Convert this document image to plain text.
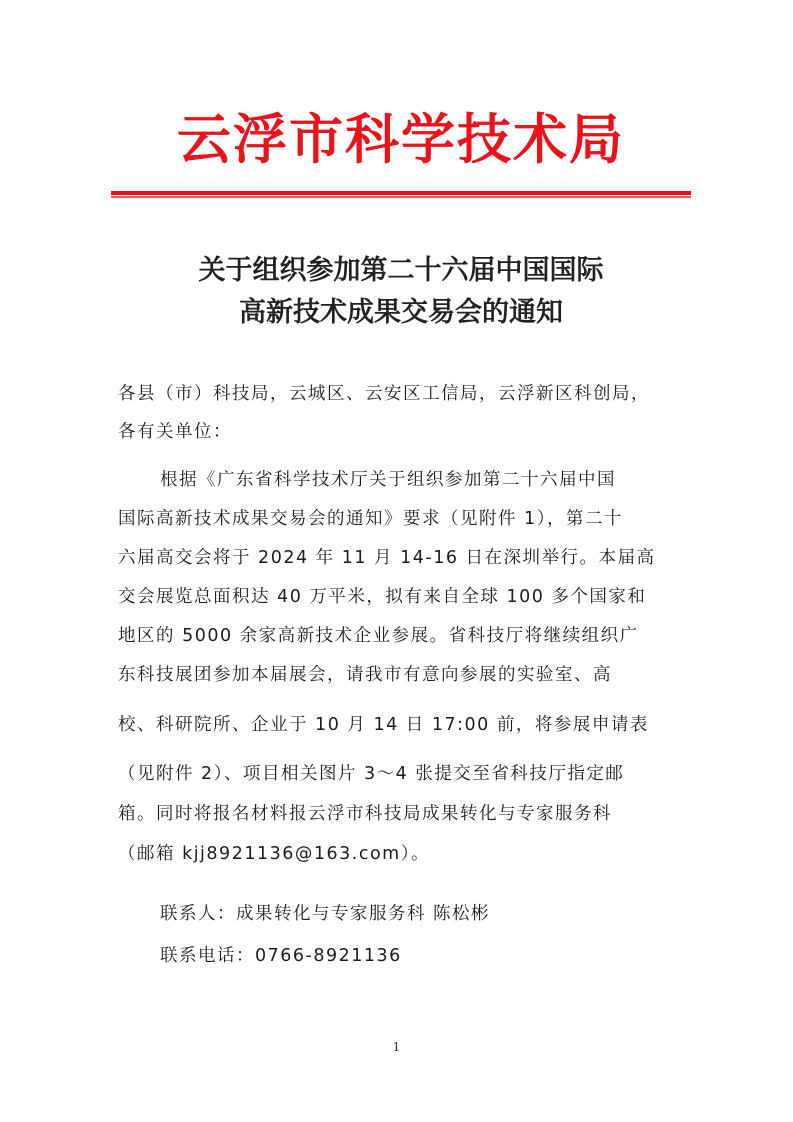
云浮市科学技术局
关于组织参加第二十六届中国国际
高新技术成果交易会的通知
各县（市）科技局，云城区、云安区工信局，云浮新区科创局，
各有关单位：
根据《广东省科学技术厅关于组织参加第二十六届中国
国际高新技术成果交易会的通知》要求（见附件 1），第二十
六届高交会将于 2024 年 11 月 14-16 日在深圳举行。本届高
交会展览总面积达 40 万平米，拟有来自全球 100 多个国家和
地区的 5000 余家高新技术企业参展。省科技厅将继续组织广
东科技展团参加本届展会，请我市有意向参展的实验室、高
校、科研院所、企业于 10 月 14 日 17:00 前，将参展申请表
（见附件 2）、项目相关图片 3～4 张提交至省科技厅指定邮
箱。同时将报名材料报云浮市科技局成果转化与专家服务科
（邮箱 kjj8921136@163.com）。
联系人：成果转化与专家服务科 陈松彬
联系电话：0766-8921136
1
